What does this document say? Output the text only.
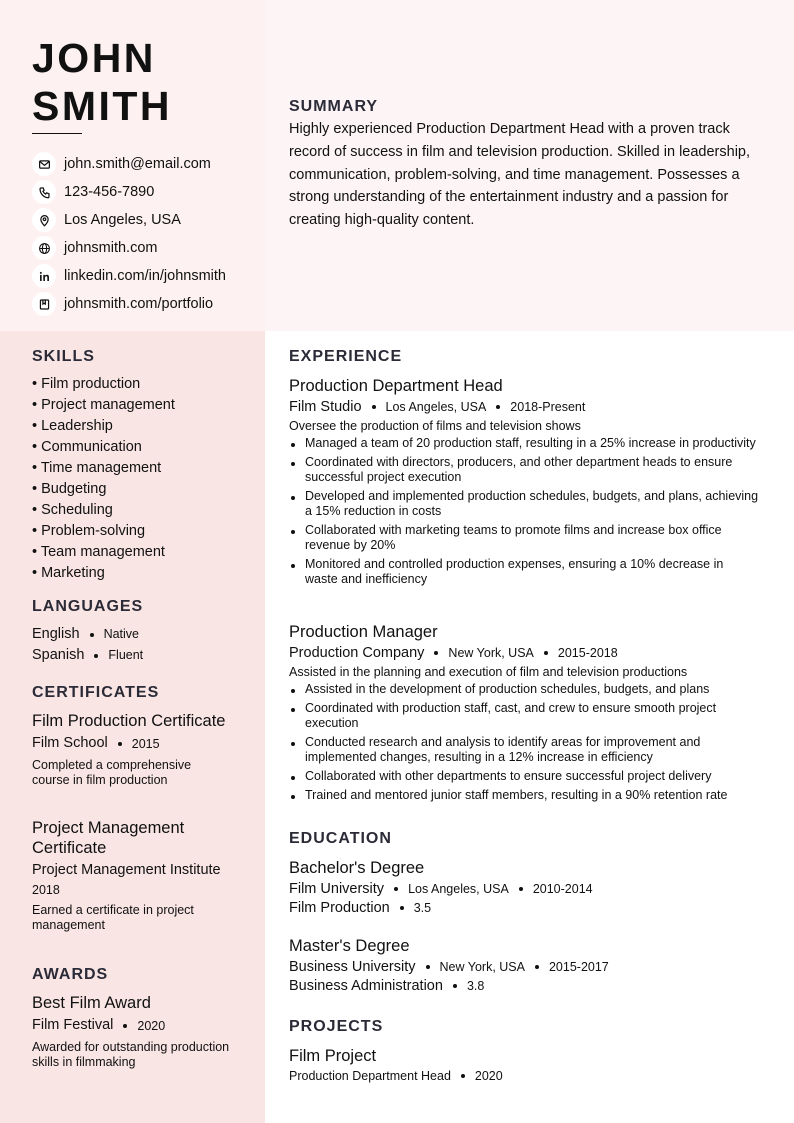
JOHN
SMITH
john.smith@email.com
123-456-7890
Los Angeles, USA
johnsmith.com
linkedin.com/in/johnsmith
johnsmith.com/portfolio
SUMMARY
Highly experienced Production Department Head with a proven track record of success in film and television production. Skilled in leadership, communication, problem-solving, and time management. Possesses a strong understanding of the entertainment industry and a passion for creating high-quality content.
SKILLS
• Film production
• Project management
• Leadership
• Communication
• Time management
• Budgeting
• Scheduling
• Problem-solving
• Team management
• Marketing
LANGUAGES
English Native
Spanish Fluent
CERTIFICATES
Film Production Certificate
Film School 2015
Completed a comprehensive course in film production
Project Management Certificate
Project Management Institute
2018
Earned a certificate in project management
AWARDS
Best Film Award
Film Festival 2020
Awarded for outstanding production skills in filmmaking
EXPERIENCE
Production Department Head
Film Studio Los Angeles, USA 2018-Present
Oversee the production of films and television shows
Managed a team of 20 production staff, resulting in a 25% increase in productivity
Coordinated with directors, producers, and other department heads to ensure successful project execution
Developed and implemented production schedules, budgets, and plans, achieving a 15% reduction in costs
Collaborated with marketing teams to promote films and increase box office revenue by 20%
Monitored and controlled production expenses, ensuring a 10% decrease in waste and inefficiency
Production Manager
Production Company New York, USA 2015-2018
Assisted in the planning and execution of film and television productions
Assisted in the development of production schedules, budgets, and plans
Coordinated with production staff, cast, and crew to ensure smooth project execution
Conducted research and analysis to identify areas for improvement and implemented changes, resulting in a 12% increase in efficiency
Collaborated with other departments to ensure successful project delivery
Trained and mentored junior staff members, resulting in a 90% retention rate
EDUCATION
Bachelor's Degree
Film University Los Angeles, USA 2010-2014
Film Production 3.5
Master's Degree
Business University New York, USA 2015-2017
Business Administration 3.8
PROJECTS
Film Project
Production Department Head 2020
